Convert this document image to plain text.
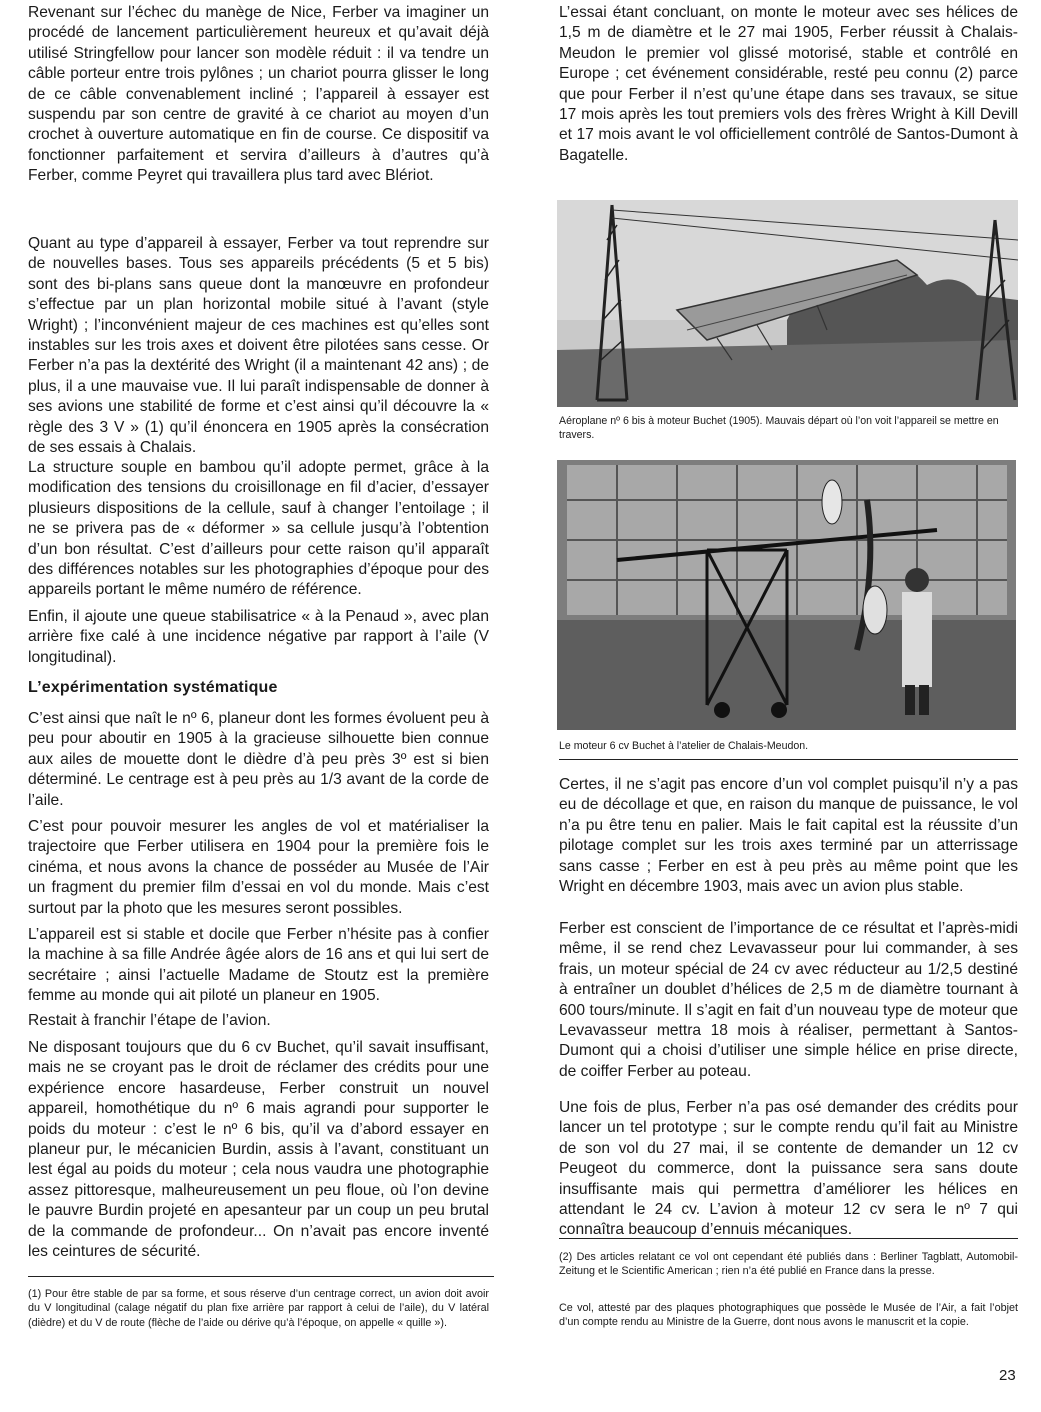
Revenant sur l’échec du manège de Nice, Ferber va imaginer un procédé de lancement particulièrement heureux et qu’avait déjà utilisé Stringfellow pour lancer son modèle réduit : il va tendre un câble porteur entre trois pylônes ; un chariot pourra glisser le long de ce câble convenablement incliné ; l’appareil à essayer est suspendu par son centre de gravité à ce chariot au moyen d’un crochet à ouverture automatique en fin de course. Ce dispositif va fonctionner parfaitement et servira d’ailleurs à d’autres qu’à Ferber, comme Peyret qui travaillera plus tard avec Blériot.

Quant au type d’appareil à essayer, Ferber va tout reprendre sur de nouvelles bases. Tous ses appareils précédents (5 et 5 bis) sont des bi-plans sans queue dont la manœuvre en profondeur s’effectue par un plan horizontal mobile situé à l’avant (style Wright) ; l’inconvénient majeur de ces machines est qu’elles sont instables sur les trois axes et doivent être pilotées sans cesse. Or Ferber n’a pas la dextérité des Wright (il a maintenant 42 ans) ; de plus, il a une mauvaise vue. Il lui paraît indispensable de donner à ses avions une stabilité de forme et c’est ainsi qu’il découvre la « règle des 3 V » (1) qu’il énoncera en 1905 après la consécration de ses essais à Chalais.

La structure souple en bambou qu’il adopte permet, grâce à la modification des tensions du croisillonage en fil d’acier, d’essayer plusieurs dispositions de la cellule, sauf à changer l’entoilage ; il ne se privera pas de « déformer » sa cellule jusqu’à l’obtention d’un bon résultat. C’est d’ailleurs pour cette raison qu’il apparaît des différences notables sur les photographies d’époque pour des appareils portant le même numéro de référence.

Enfin, il ajoute une queue stabilisatrice « à la Penaud », avec plan arrière fixe calé à une incidence négative par rapport à l’aile (V longitudinal).

L’expérimentation systématique

C’est ainsi que naît le nº 6, planeur dont les formes évoluent peu à peu pour aboutir en 1905 à la gracieuse silhouette bien connue aux ailes de mouette dont le dièdre d’à peu près 3º est si bien déterminé. Le centrage est à peu près au 1/3 avant de la corde de l’aile.

C’est pour pouvoir mesurer les angles de vol et matérialiser la trajectoire que Ferber utilisera en 1904 pour la première fois le cinéma, et nous avons la chance de posséder au Musée de l’Air un fragment du premier film d’essai en vol du monde. Mais c’est surtout par la photo que les mesures seront possibles.

L’appareil est si stable et docile que Ferber n’hésite pas à confier la machine à sa fille Andrée âgée alors de 16 ans et qui lui sert de secrétaire ; ainsi l’actuelle Madame de Stoutz est la première femme au monde qui ait piloté un planeur en 1905.

Restait à franchir l’étape de l’avion.

Ne disposant toujours que du 6 cv Buchet, qu’il savait insuffisant, mais ne se croyant pas le droit de réclamer des crédits pour une expérience encore hasardeuse, Ferber construit un nouvel appareil, homothétique du nº 6 mais agrandi pour supporter le poids du moteur : c’est le nº 6 bis, qu’il va d’abord essayer en planeur pur, le mécanicien Burdin, assis à l’avant, constituant un lest égal au poids du moteur ; cela nous vaudra une photographie assez pittoresque, malheureusement un peu floue, où l’on devine le pauvre Burdin projeté en apesanteur par un coup un peu brutal de la commande de profondeur... On n’avait pas encore inventé les ceintures de sécurité.

(1) Pour être stable de par sa forme, et sous réserve d’un centrage correct, un avion doit avoir du V longitudinal (calage négatif du plan fixe arrière par rapport à celui de l’aile), du V latéral (dièdre) et du V de route (flèche de l’aide ou dérive qu’à l’époque, on appelle « quille »).

L’essai étant concluant, on monte le moteur avec ses hélices de 1,5 m de diamètre et le 27 mai 1905, Ferber réussit à Chalais-Meudon le premier vol glissé motorisé, stable et contrôlé en Europe ; cet événement considérable, resté peu connu (2) parce que pour Ferber il n’est qu’une étape dans ses travaux, se situe 17 mois après les tout premiers vols des frères Wright à Kill Devill et 17 mois avant le vol officiellement contrôlé de Santos-Dumont à Bagatelle.

Aéroplane nº 6 bis à moteur Buchet (1905). Mauvais départ où l’on voit l’appareil se mettre en travers.

Le moteur 6 cv Buchet à l’atelier de Chalais-Meudon.

Certes, il ne s’agit pas encore d’un vol complet puisqu’il n’y a pas eu de décollage et que, en raison du manque de puissance, le vol n’a pu être tenu en palier. Mais le fait capital est la réussite d’un pilotage complet sur les trois axes terminé par un atterrissage sans casse ; Ferber en est à peu près au même point que les Wright en décembre 1903, mais avec un avion plus stable.

Ferber est conscient de l’importance de ce résultat et l’après-midi même, il se rend chez Levavasseur pour lui commander, à ses frais, un moteur spécial de 24 cv avec réducteur au 1/2,5 destiné à entraîner un doublet d’hélices de 2,5 m de diamètre tournant à 600 tours/minute. Il s’agit en fait d’un nouveau type de moteur que Levavasseur mettra 18 mois à réaliser, permettant à Santos-Dumont qui a choisi d’utiliser une simple hélice en prise directe, de coiffer Ferber au poteau.

Une fois de plus, Ferber n’a pas osé demander des crédits pour lancer un tel prototype ; sur le compte rendu qu’il fait au Ministre de son vol du 27 mai, il se contente de demander un 12 cv Peugeot du commerce, dont la puissance sera sans doute insuffisante mais qui permettra d’améliorer les hélices en attendant le 24 cv. L’avion à moteur 12 cv sera le nº 7 qui connaîtra beaucoup d’ennuis mécaniques.

(2) Des articles relatant ce vol ont cependant été publiés dans : Berliner Tagblatt, Automobil-Zeitung et le Scientific American ; rien n’a été publié en France dans la presse.

Ce vol, attesté par des plaques photographiques que possède le Musée de l’Air, a fait l’objet d’un compte rendu au Ministre de la Guerre, dont nous avons le manuscrit et la copie.

23
